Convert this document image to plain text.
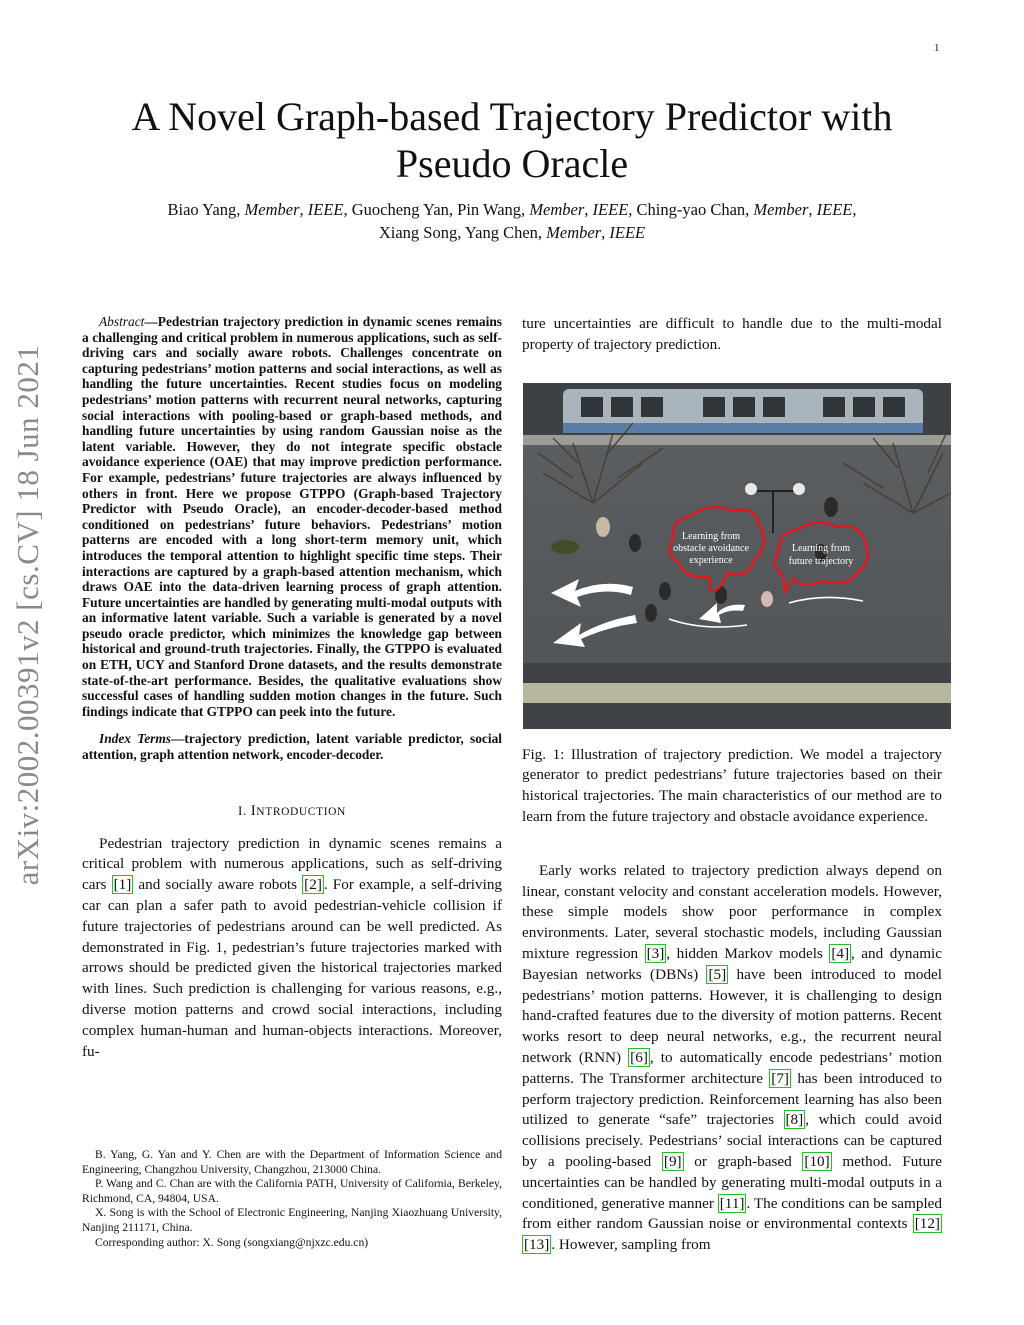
1
arXiv:2002.00391v2 [cs.CV] 18 Jun 2021
A Novel Graph-based Trajectory Predictor with
Pseudo Oracle
Biao Yang, Member, IEEE, Guocheng Yan, Pin Wang, Member, IEEE, Ching-yao Chan, Member, IEEE,
Xiang Song, Yang Chen, Member, IEEE

Abstract—Pedestrian trajectory prediction in dynamic scenes remains a challenging and critical problem in numerous applications, such as self-driving cars and socially aware robots. Challenges concentrate on capturing pedestrians’ motion patterns and social interactions, as well as handling the future uncertainties. Recent studies focus on modeling pedestrians’ motion patterns with recurrent neural networks, capturing social interactions with pooling-based or graph-based methods, and handling future uncertainties by using random Gaussian noise as the latent variable. However, they do not integrate specific obstacle avoidance experience (OAE) that may improve prediction performance. For example, pedestrians’ future trajectories are always influenced by others in front. Here we propose GTPPO (Graph-based Trajectory Predictor with Pseudo Oracle), an encoder-decoder-based method conditioned on pedestrians’ future behaviors. Pedestrians’ motion patterns are encoded with a long short-term memory unit, which introduces the temporal attention to highlight specific time steps. Their interactions are captured by a graph-based attention mechanism, which draws OAE into the data-driven learning process of graph attention. Future uncertainties are handled by generating multi-modal outputs with an informative latent variable. Such a variable is generated by a novel pseudo oracle predictor, which minimizes the knowledge gap between historical and ground-truth trajectories. Finally, the GTPPO is evaluated on ETH, UCY and Stanford Drone datasets, and the results demonstrate state-of-the-art performance. Besides, the qualitative evaluations show successful cases of handling sudden motion changes in the future. Such findings indicate that GTPPO can peek into the future.

Index Terms—trajectory prediction, latent variable predictor, social attention, graph attention network, encoder-decoder.

I. INTRODUCTION

Pedestrian trajectory prediction in dynamic scenes remains a critical problem with numerous applications, such as self-driving cars [1] and socially aware robots [2] . For example, a self-driving car can plan a safer path to avoid pedestrian-vehicle collision if future trajectories of pedestrians around can be well predicted. As demonstrated in Fig. 1, pedestrian’s future trajectories marked with arrows should be predicted given the historical trajectories marked with lines. Such prediction is challenging for various reasons, e.g., diverse motion patterns and crowd social interactions, including complex human-human and human-objects interactions. Moreover, fu-

B. Yang, G. Yan and Y. Chen are with the Department of Information Science and Engineering, Changzhou University, Changzhou, 213000 China.

P. Wang and C. Chan are with the California PATH, University of California, Berkeley, Richmond, CA, 94804, USA.

X. Song is with the School of Electronic Engineering, Nanjing Xiaozhuang University, Nanjing 211171, China.

Corresponding author: X. Song (songxiang@njxzc.edu.cn)

ture uncertainties are difficult to handle due to the multi-modal property of trajectory prediction.

Learning from
obstacle avoidance
experience
Learning from
future trajectory

Fig. 1: Illustration of trajectory prediction. We model a trajectory generator to predict pedestrians’ future trajectories based on their historical trajectories. The main characteristics of our method are to learn from the future trajectory and obstacle avoidance experience.

Early works related to trajectory prediction always depend on linear, constant velocity and constant acceleration models. However, these simple models show poor performance in complex environments. Later, several stochastic models, including Gaussian mixture regression [3] , hidden Markov models [4] , and dynamic Bayesian networks (DBNs) [5] have been introduced to model pedestrians’ motion patterns. However, it is challenging to design hand-crafted features due to the diversity of motion patterns. Recent works resort to deep neural networks, e.g., the recurrent neural network (RNN) [6] , to automatically encode pedestrians’ motion patterns. The Transformer architecture [7] has been introduced to perform trajectory prediction. Reinforcement learning has also been utilized to generate “safe” trajectories [8] , which could avoid collisions precisely. Pedestrians’ social interactions can be captured by a pooling-based [9] or graph-based [10] method. Future uncertainties can be handled by generating multi-modal outputs in a conditioned, generative manner [11] . The conditions can be sampled from either random Gaussian noise or environmental contexts [12][13] . However, sampling from
